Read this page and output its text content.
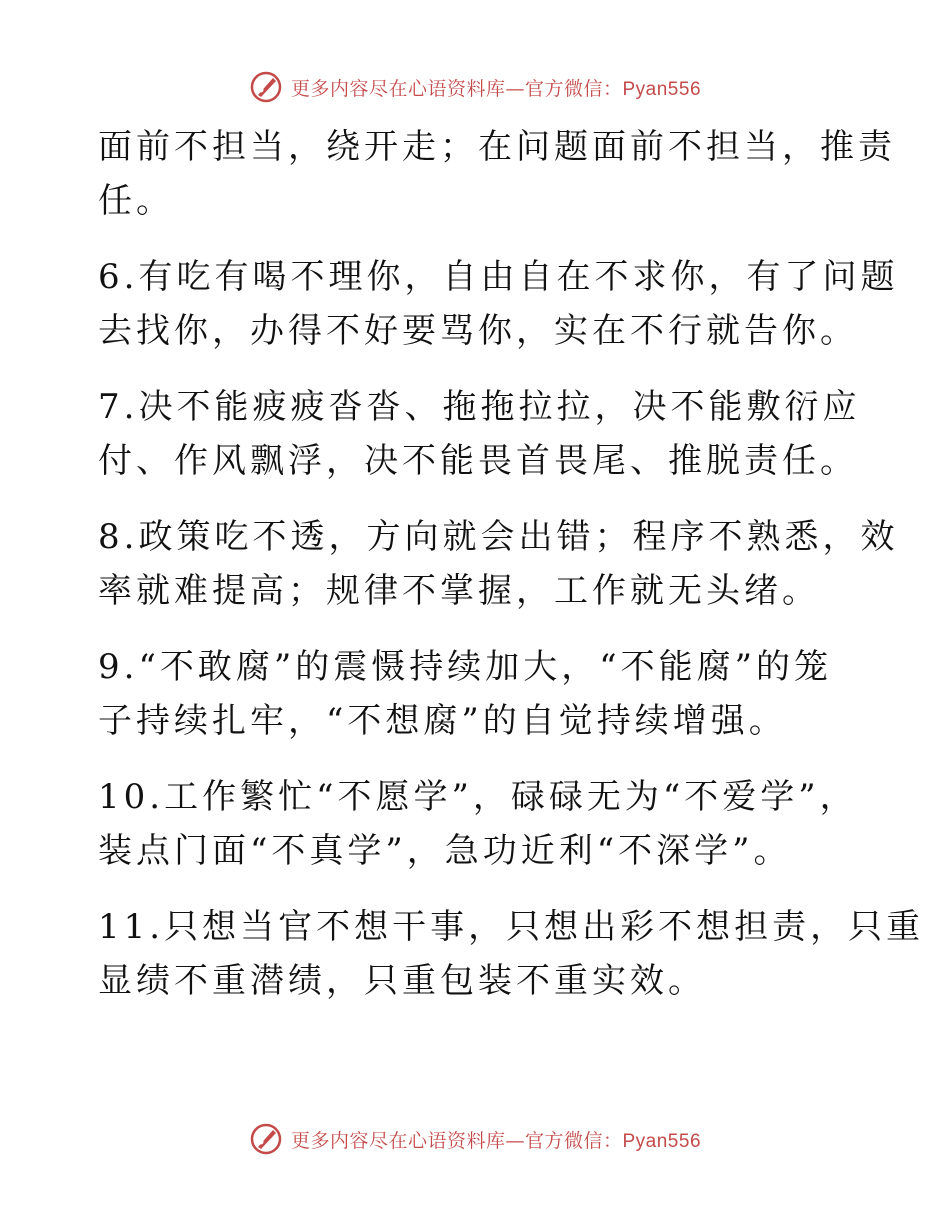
更多内容尽在心语资料库—官方微信：Pyan556

面前不担当，绕开走；在问题面前不担当，推责
任。

6.有吃有喝不理你，自由自在不求你，有了问题
去找你，办得不好要骂你，实在不行就告你。

7.决不能疲疲沓沓、拖拖拉拉，决不能敷衍应
付、作风飘浮，决不能畏首畏尾、推脱责任。

8.政策吃不透，方向就会出错；程序不熟悉，效
率就难提高；规律不掌握，工作就无头绪。

9.“不敢腐”的震慑持续加大，“不能腐”的笼
子持续扎牢，“不想腐”的自觉持续增强。

10.工作繁忙“不愿学”，碌碌无为“不爱学”，
装点门面“不真学”，急功近利“不深学”。

11.只想当官不想干事，只想出彩不想担责，只重
显绩不重潜绩，只重包装不重实效。

更多内容尽在心语资料库—官方微信：Pyan556
